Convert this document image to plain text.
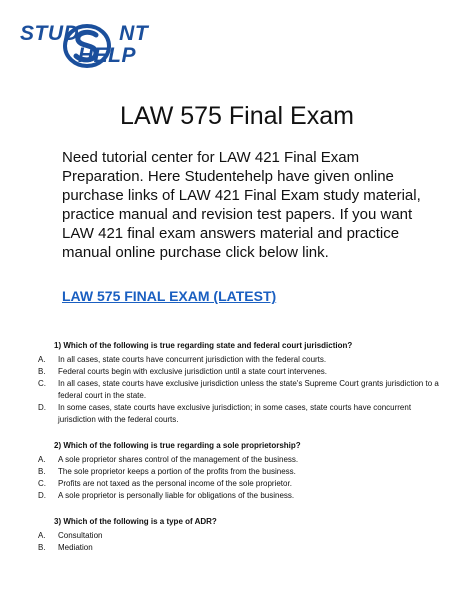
STUD NT
HELP
LAW 575 Final Exam

Need tutorial center for LAW 421 Final Exam Preparation. Here Studentehelp have given online purchase links of LAW 421 Final Exam study material, practice manual and revision test papers. If you want LAW 421 final exam answers material and practice manual online purchase click below link.

LAW 575 FINAL EXAM (LATEST)
1) Which of the following is true regarding state and federal court jurisdiction?
A.	In all cases, state courts have concurrent jurisdiction with the federal courts.
B.	Federal courts begin with exclusive jurisdiction until a state court intervenes.
C.	In all cases, state courts have exclusive jurisdiction unless the state's Supreme Court grants jurisdiction to a federal court in the state.
D.	In some cases, state courts have exclusive jurisdiction; in some cases, state courts have concurrent jurisdiction with the federal courts.
2) Which of the following is true regarding a sole proprietorship?
A.	A sole proprietor shares control of the management of the business.
B.	The sole proprietor keeps a portion of the profits from the business.
C.	Profits are not taxed as the personal income of the sole proprietor.
D.	A sole proprietor is personally liable for obligations of the business.
3) Which of the following is a type of ADR?
A.	Consultation
B.	Mediation
